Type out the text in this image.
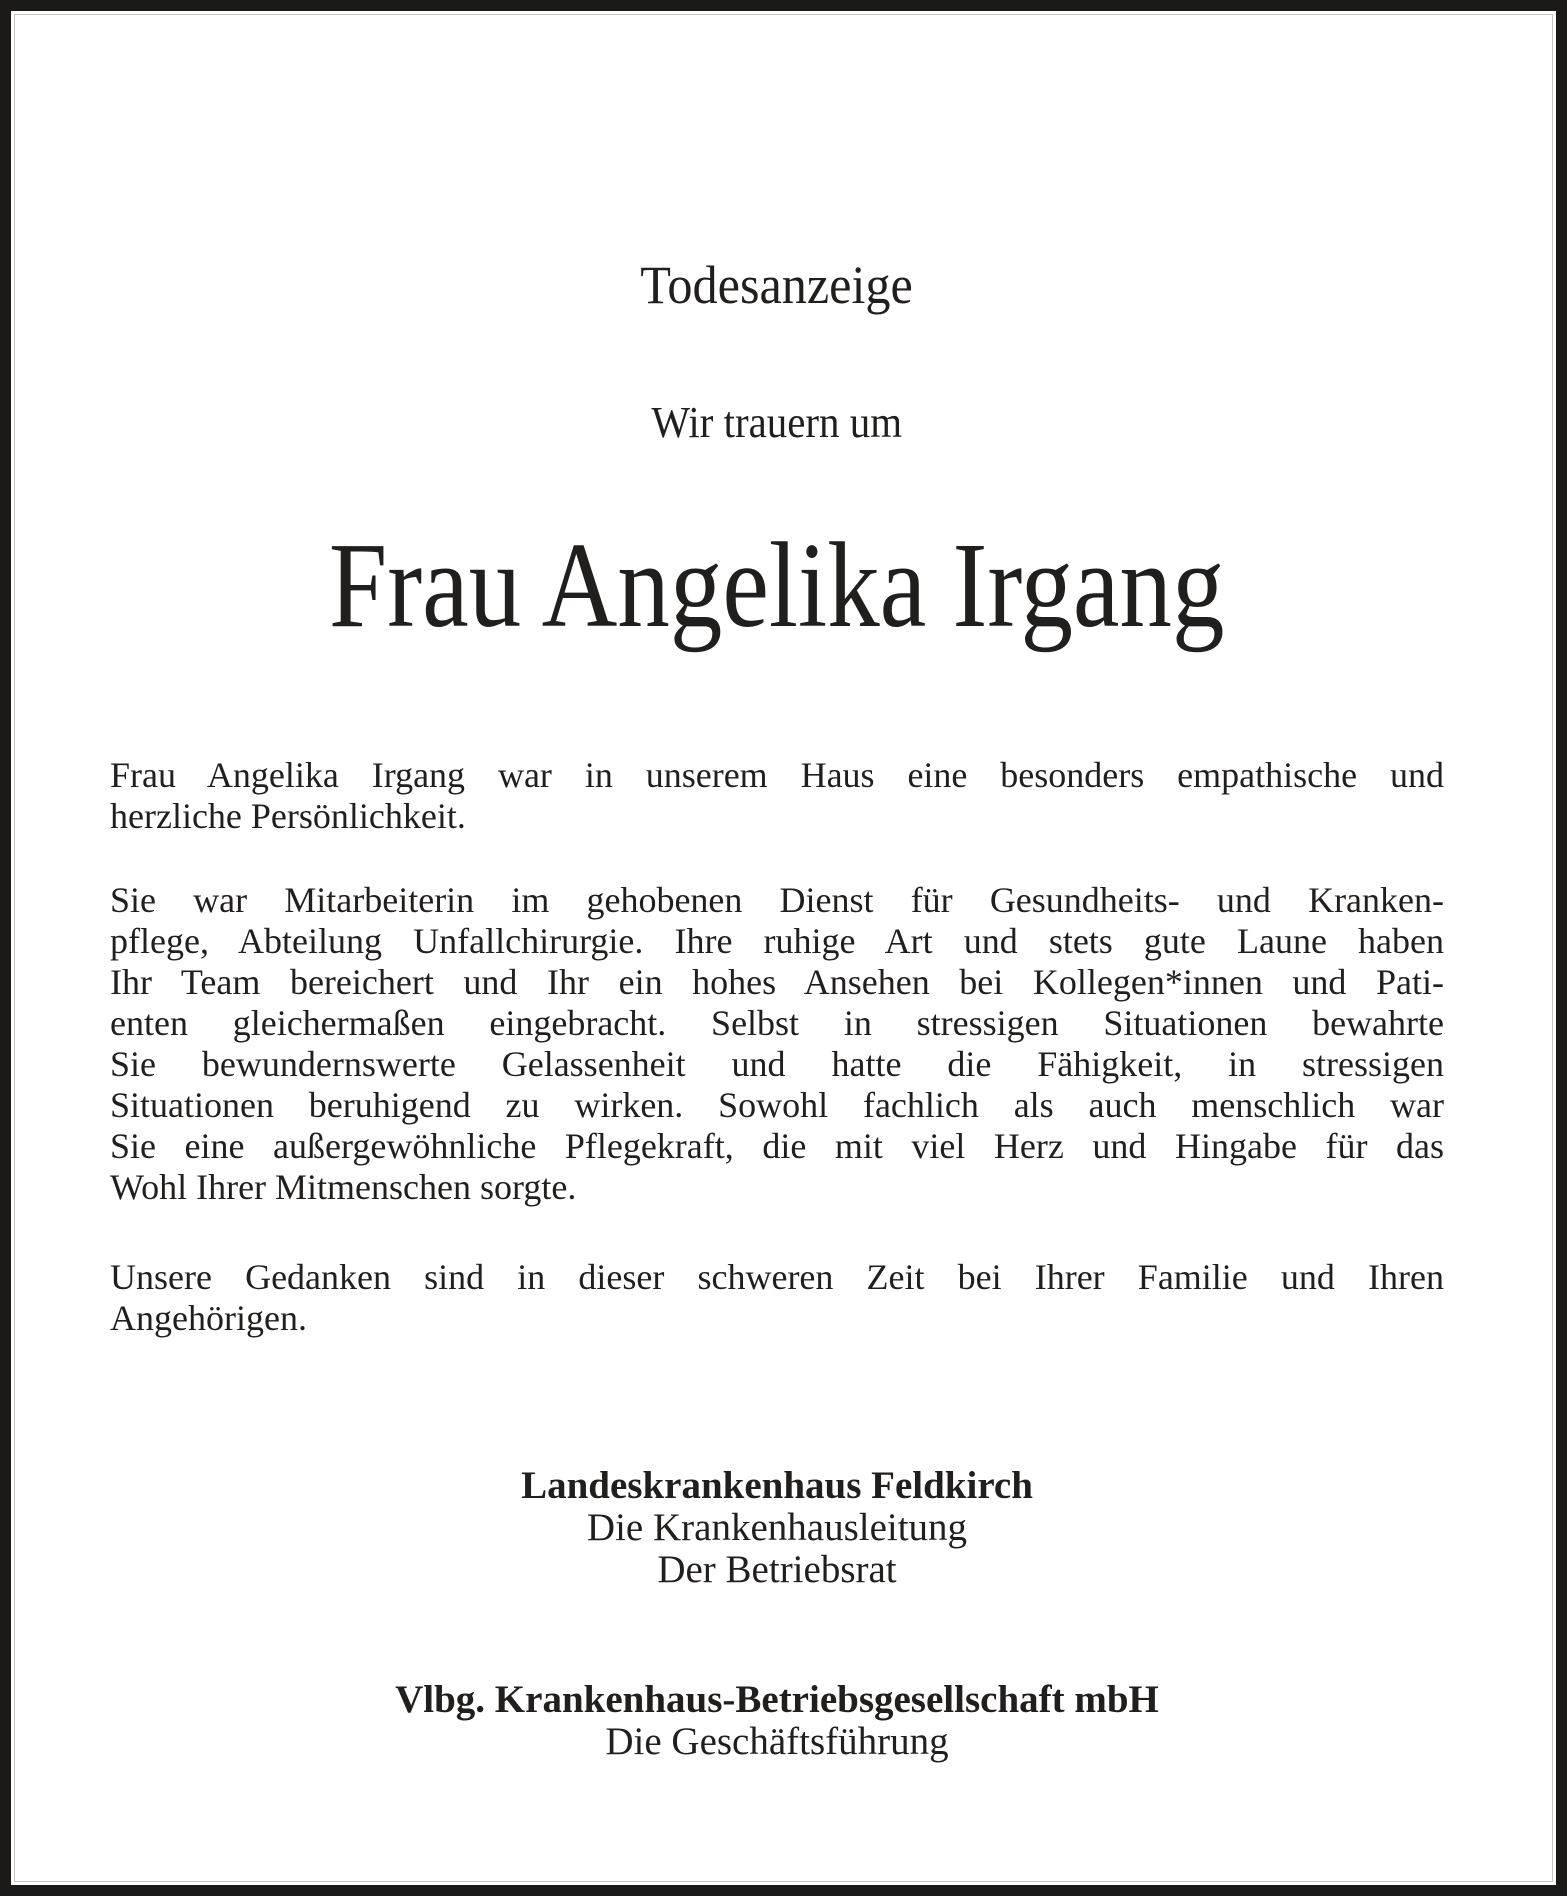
Todesanzeige
Wir trauern um
Frau Angelika Irgang
Frau Angelika Irgang war in unserem Haus eine besonders empathische und
herzliche Persönlichkeit.
Sie war Mitarbeiterin im gehobenen Dienst für Gesundheits- und Kranken-
pflege, Abteilung Unfallchirurgie. Ihre ruhige Art und stets gute Laune haben
Ihr Team bereichert und Ihr ein hohes Ansehen bei Kollegen*innen und Pati-
enten gleichermaßen eingebracht. Selbst in stressigen Situationen bewahrte
Sie bewundernswerte Gelassenheit und hatte die Fähigkeit, in stressigen
Situationen beruhigend zu wirken. Sowohl fachlich als auch menschlich war
Sie eine außergewöhnliche Pflegekraft, die mit viel Herz und Hingabe für das
Wohl Ihrer Mitmenschen sorgte.
Unsere Gedanken sind in dieser schweren Zeit bei Ihrer Familie und Ihren
Angehörigen.
Landeskrankenhaus Feldkirch
Die Krankenhausleitung
Der Betriebsrat
Vlbg. Krankenhaus-Betriebsgesellschaft mbH
Die Geschäftsführung
